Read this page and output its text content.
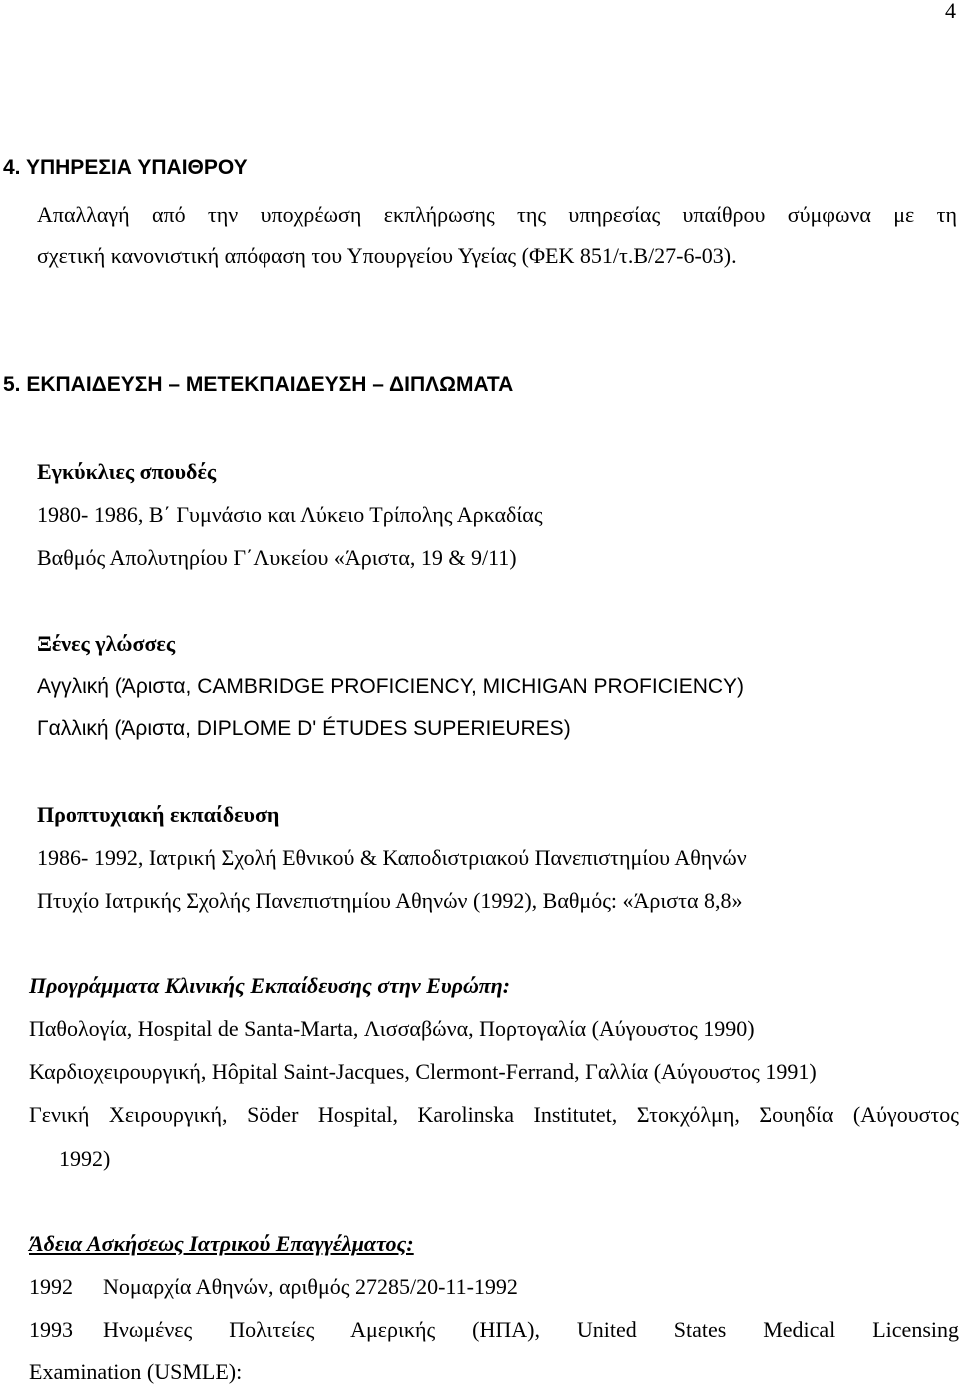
4
4. ΥΠΗΡΕΣΙΑ ΥΠΑΙΘΡΟΥ
Απαλλαγή από την υποχρέωση εκπλήρωσης της υπηρεσίας υπαίθρου σύμφωνα με τη
σχετική κανονιστική απόφαση του Υπουργείου Υγείας (ΦΕΚ 851/τ.Β/27-6-03).
5. ΕΚΠΑΙΔΕΥΣΗ – ΜΕΤΕΚΠΑΙΔΕΥΣΗ – ΔΙΠΛΩΜΑΤΑ
Εγκύκλιες σπουδές
1980- 1986, Β΄ Γυμνάσιο και Λύκειο Τρίπολης Αρκαδίας
Βαθμός Απολυτηρίου Γ΄Λυκείου «Άριστα, 19 & 9/11)
Ξένες γλώσσες
Αγγλική (Άριστα, CAMBRIDGE PROFICIENCY, MICHIGAN PROFICIENCY)
Γαλλική (Άριστα, DIPLOME D' ÉTUDES SUPERIEURES)
Προπτυχιακή εκπαίδευση
1986- 1992, Ιατρική Σχολή Εθνικού & Καποδιστριακού Πανεπιστημίου Αθηνών
Πτυχίο Ιατρικής Σχολής Πανεπιστημίου Αθηνών (1992), Βαθμός: «Άριστα 8,8»
Προγράμματα Κλινικής Εκπαίδευσης στην Ευρώπη:
Παθολογία, Hospital de Santa-Marta, Λισσαβώνα, Πορτογαλία (Αύγουστος 1990)
Καρδιοχειρουργική, Hôpital Saint-Jacques, Clermont-Ferrand, Γαλλία (Αύγουστος 1991)
Γενική Χειρουργική, Söder Hospital, Karolinska Institutet, Στοκχόλμη, Σουηδία (Αύγουστος
1992)
Άδεια Ασκήσεως Ιατρικού Επαγγέλματος:
1992 Νομαρχία Αθηνών, αριθμός 27285/20-11-1992
1993	Ηνωμένες Πολιτείες Αμερικής (ΗΠΑ), United States Medical Licensing
Examination (USMLE):
